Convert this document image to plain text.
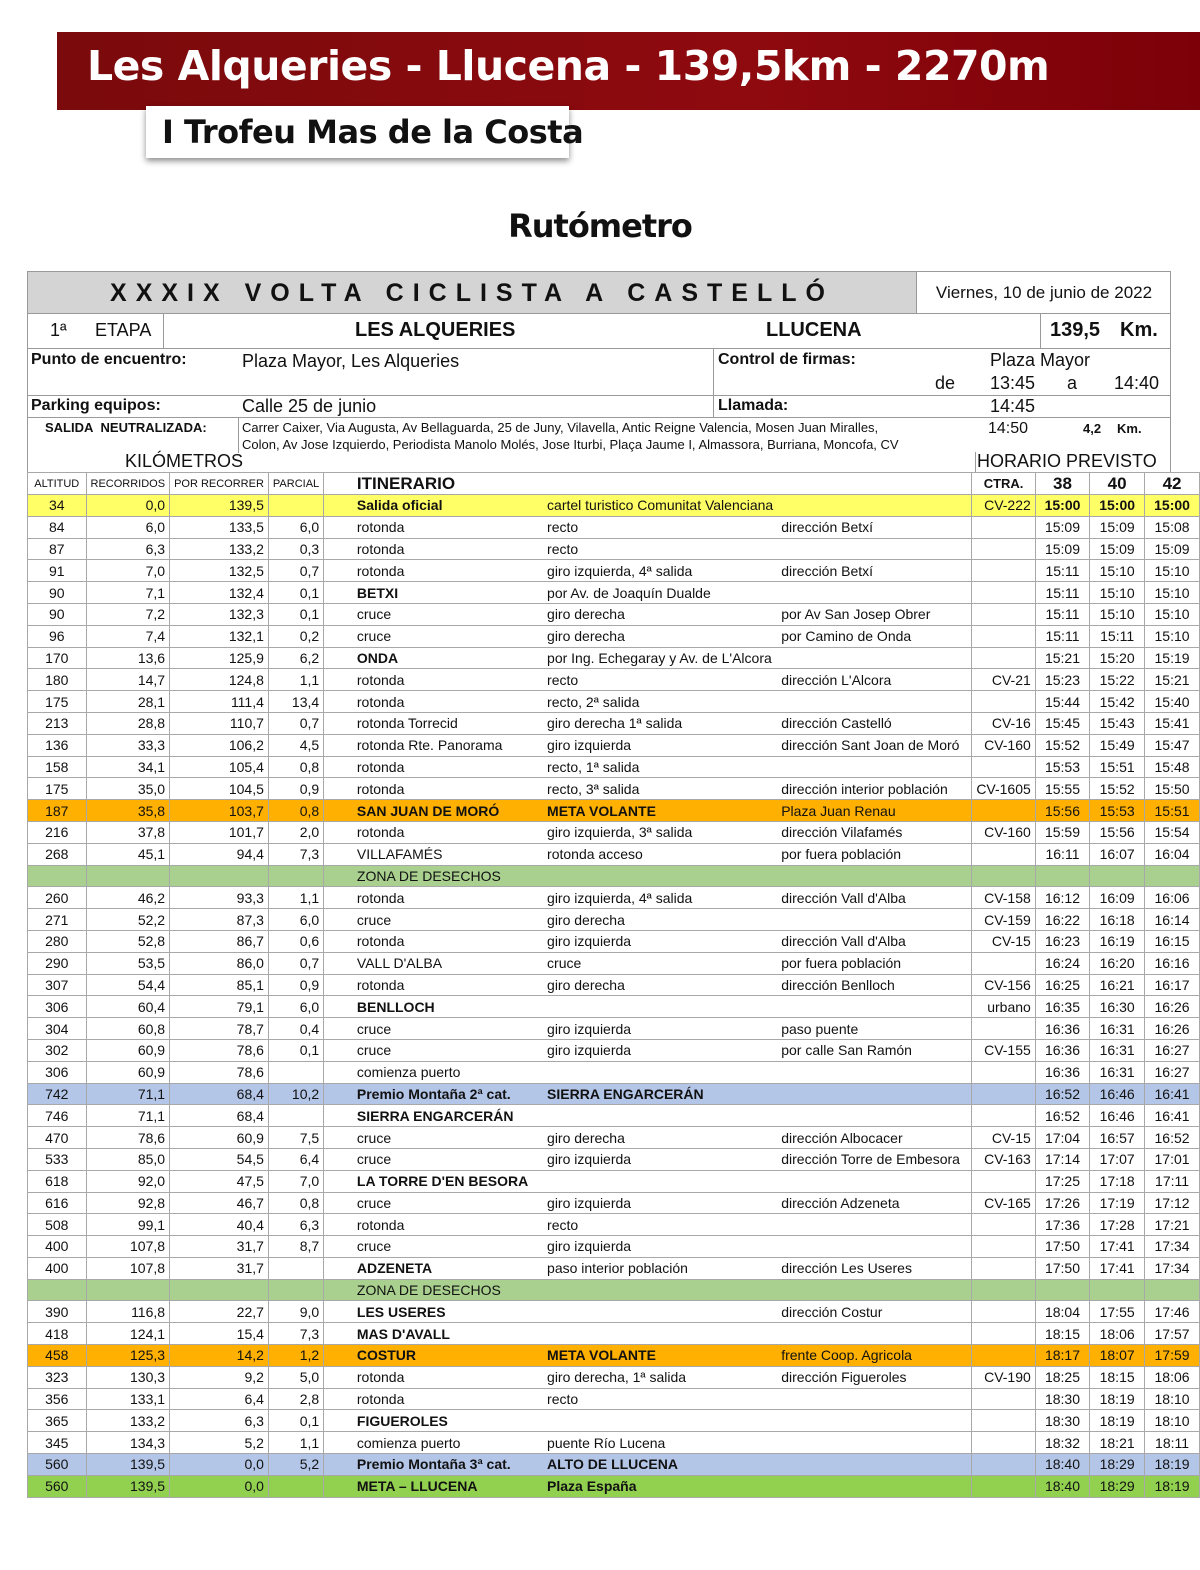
Les Alqueries - Llucena - 139,5km - 2270m
I Trofeu Mas de la Costa
Rutómetro
XXXIX VOLTA CICLISTA A CASTELLÓ	Viernes, 10 de junio de 2022
1ª ETAPA	LES ALQUERIES	LLUCENA	139,5 Km.
Punto de encuentro:	Plaza Mayor, Les Alqueries	Control de firmas:	Plaza Mayor
de 13:45 a 14:40
Parking equipos:	Calle 25 de junio	Llamada:	14:45
SALIDA NEUTRALIZADA:	Carrer Caixer, Via Augusta, Av Bellaguarda, 25 de Juny, Vilavella, Antic Reigne Valencia, Mosen Juan Miralles,
Colon, Av Jose Izquierdo, Periodista Manolo Molés, Jose Iturbi, Plaça Jaume I, Almassora, Burriana, Moncofa, CV
14:50	4,2 Km.
KILÓMETROS	HORARIO PREVISTO
ALTITUD	RECORRIDOS	POR RECORRER	PARCIAL		ITINERARIO			CTRA.	38	40	42
34	0,0	139,5			Salida oficial	cartel turistico Comunitat Valenciana		CV-222	15:00	15:00	15:00
84	6,0	133,5	6,0		rotonda	recto	dirección Betxí		15:09	15:09	15:08
87	6,3	133,2	0,3		rotonda	recto			15:09	15:09	15:09
91	7,0	132,5	0,7		rotonda	giro izquierda, 4ª salida	dirección Betxí		15:11	15:10	15:10
90	7,1	132,4	0,1		BETXI	por Av. de Joaquín Dualde			15:11	15:10	15:10
90	7,2	132,3	0,1		cruce	giro derecha	por Av San Josep Obrer		15:11	15:10	15:10
96	7,4	132,1	0,2		cruce	giro derecha	por Camino de Onda		15:11	15:11	15:10
170	13,6	125,9	6,2		ONDA	por Ing. Echegaray y Av. de L'Alcora			15:21	15:20	15:19
180	14,7	124,8	1,1		rotonda	recto	dirección L'Alcora	CV-21	15:23	15:22	15:21
175	28,1	111,4	13,4		rotonda	recto, 2ª salida			15:44	15:42	15:40
213	28,8	110,7	0,7		rotonda Torrecid	giro derecha 1ª salida	dirección Castelló	CV-16	15:45	15:43	15:41
136	33,3	106,2	4,5		rotonda Rte. Panorama	giro izquierda	dirección Sant Joan de Moró	CV-160	15:52	15:49	15:47
158	34,1	105,4	0,8		rotonda	recto, 1ª salida			15:53	15:51	15:48
175	35,0	104,5	0,9		rotonda	recto, 3ª salida	dirección interior población	CV-1605	15:55	15:52	15:50
187	35,8	103,7	0,8		SAN JUAN DE MORÓ	META VOLANTE	Plaza Juan Renau		15:56	15:53	15:51
216	37,8	101,7	2,0		rotonda	giro izquierda, 3ª salida	dirección Vilafamés	CV-160	15:59	15:56	15:54
268	45,1	94,4	7,3		VILLAFAMÉS	rotonda acceso	por fuera población		16:11	16:07	16:04
					ZONA DE DESECHOS						
260	46,2	93,3	1,1		rotonda	giro izquierda, 4ª salida	dirección Vall d'Alba	CV-158	16:12	16:09	16:06
271	52,2	87,3	6,0		cruce	giro derecha		CV-159	16:22	16:18	16:14
280	52,8	86,7	0,6		rotonda	giro izquierda	dirección Vall d'Alba	CV-15	16:23	16:19	16:15
290	53,5	86,0	0,7		VALL D'ALBA	cruce	por fuera población		16:24	16:20	16:16
307	54,4	85,1	0,9		rotonda	giro derecha	dirección Benlloch	CV-156	16:25	16:21	16:17
306	60,4	79,1	6,0		BENLLOCH			urbano	16:35	16:30	16:26
304	60,8	78,7	0,4		cruce	giro izquierda	paso puente		16:36	16:31	16:26
302	60,9	78,6	0,1		cruce	giro izquierda	por calle San Ramón	CV-155	16:36	16:31	16:27
306	60,9	78,6			comienza puerto				16:36	16:31	16:27
742	71,1	68,4	10,2		Premio Montaña 2ª cat.	SIERRA ENGARCERÁN			16:52	16:46	16:41
746	71,1	68,4			SIERRA ENGARCERÁN				16:52	16:46	16:41
470	78,6	60,9	7,5		cruce	giro derecha	dirección Albocacer	CV-15	17:04	16:57	16:52
533	85,0	54,5	6,4		cruce	giro izquierda	dirección Torre de Embesora	CV-163	17:14	17:07	17:01
618	92,0	47,5	7,0		LA TORRE D'EN BESORA				17:25	17:18	17:11
616	92,8	46,7	0,8		cruce	giro izquierda	dirección Adzeneta	CV-165	17:26	17:19	17:12
508	99,1	40,4	6,3		rotonda	recto			17:36	17:28	17:21
400	107,8	31,7	8,7		cruce	giro izquierda			17:50	17:41	17:34
400	107,8	31,7			ADZENETA	paso interior población	dirección Les Useres		17:50	17:41	17:34
					ZONA DE DESECHOS						
390	116,8	22,7	9,0		LES USERES		dirección Costur		18:04	17:55	17:46
418	124,1	15,4	7,3		MAS D'AVALL				18:15	18:06	17:57
458	125,3	14,2	1,2		COSTUR	META VOLANTE	frente Coop. Agricola		18:17	18:07	17:59
323	130,3	9,2	5,0		rotonda	giro derecha, 1ª salida	dirección Figueroles	CV-190	18:25	18:15	18:06
356	133,1	6,4	2,8		rotonda	recto			18:30	18:19	18:10
365	133,2	6,3	0,1		FIGUEROLES				18:30	18:19	18:10
345	134,3	5,2	1,1		comienza puerto	puente Río Lucena			18:32	18:21	18:11
560	139,5	0,0	5,2		Premio Montaña 3ª cat.	ALTO DE LLUCENA			18:40	18:29	18:19
560	139,5	0,0			META – LLUCENA	Plaza España			18:40	18:29	18:19
